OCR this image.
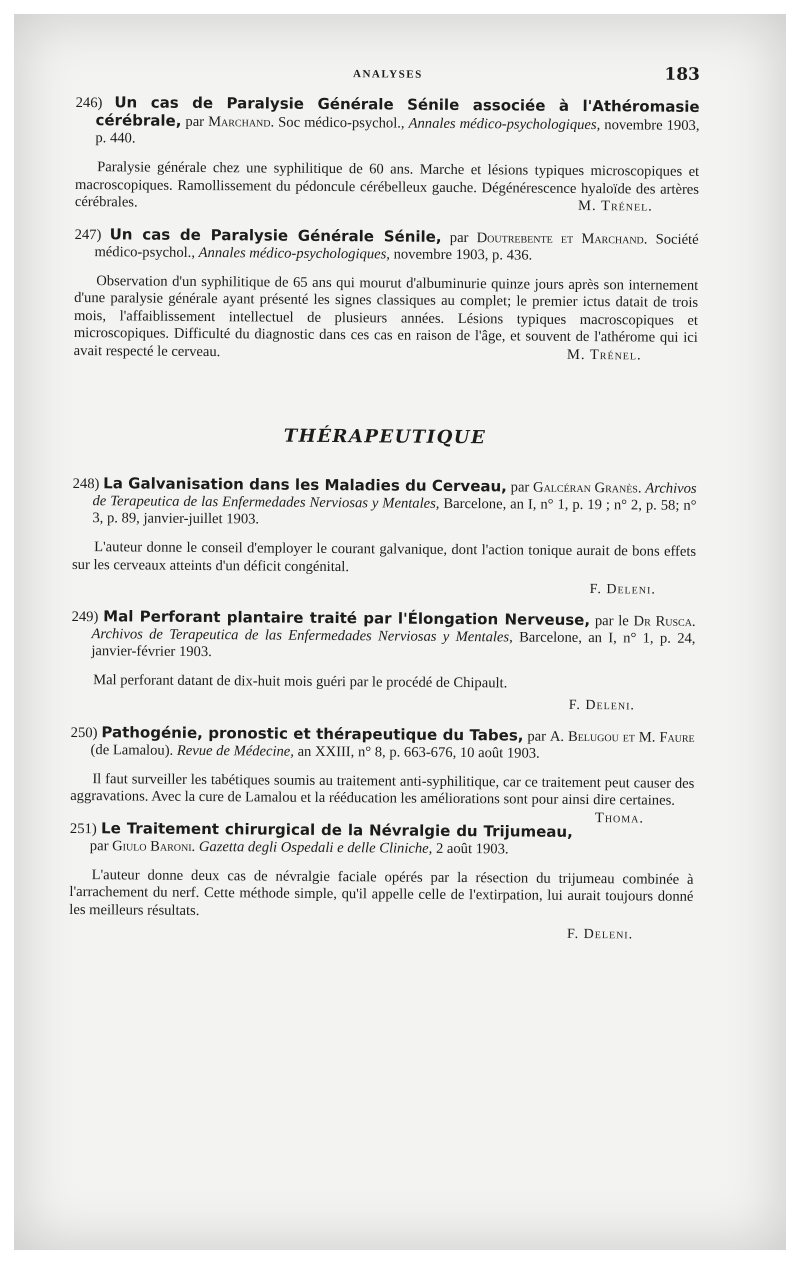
ANALYSES	183

246) Un cas de Paralysie Générale Sénile associée à l'Athéromasie cérébrale, par Marchand. Soc médico-psychol., Annales médico-psychologiques, novembre 1903, p. 440.

Paralysie générale chez une syphilitique de 60 ans. Marche et lésions typiques microscopiques et macroscopiques. Ramollissement du pédoncule cérébelleux gauche. Dégénérescence hyaloïde des artères cérébrales.	M. Trénel.

247) Un cas de Paralysie Générale Sénile, par Doutrebente et Marchand. Société médico-psychol., Annales médico-psychologiques, novembre 1903, p. 436.

Observation d'un syphilitique de 65 ans qui mourut d'albuminurie quinze jours après son internement d'une paralysie générale ayant présenté les signes classiques au complet; le premier ictus datait de trois mois, l'affaiblissement intellectuel de plusieurs années. Lésions typiques macroscopiques et microscopiques. Difficulté du diagnostic dans ces cas en raison de l'âge, et souvent de l'athérome qui ici avait respecté le cerveau.	M. Trénel.

THÉRAPEUTIQUE

248) La Galvanisation dans les Maladies du Cerveau, par Galcéran Granès. Archivos de Terapeutica de las Enfermedades Nerviosas y Mentales, Barcelone, an I, n° 1, p. 19 ; n° 2, p. 58; n° 3, p. 89, janvier-juillet 1903.

L'auteur donne le conseil d'employer le courant galvanique, dont l'action tonique aurait de bons effets sur les cerveaux atteints d'un déficit congénital.

F. Deleni.

249) Mal Perforant plantaire traité par l'Élongation Nerveuse, par le Dr Rusca. Archivos de Terapeutica de las Enfermedades Nerviosas y Mentales, Barcelone, an I, n° 1, p. 24, janvier-février 1903.

Mal perforant datant de dix-huit mois guéri par le procédé de Chipault.

F. Deleni.

250) Pathogénie, pronostic et thérapeutique du Tabes, par A. Belugou et M. Faure (de Lamalou). Revue de Médecine, an XXIII, n° 8, p. 663-676, 10 août 1903.

Il faut surveiller les tabétiques soumis au traitement anti-syphilitique, car ce traitement peut causer des aggravations. Avec la cure de Lamalou et la rééducation les améliorations sont pour ainsi dire certaines.
Thoma.

251) Le Traitement chirurgical de la Névralgie du Trijumeau, par Giulo Baroni. Gazetta degli Ospedali e delle Cliniche, 2 août 1903.

L'auteur donne deux cas de névralgie faciale opérés par la résection du trijumeau combinée à l'arrachement du nerf. Cette méthode simple, qu'il appelle celle de l'extirpation, lui aurait toujours donné les meilleurs résultats.

F. Deleni.
